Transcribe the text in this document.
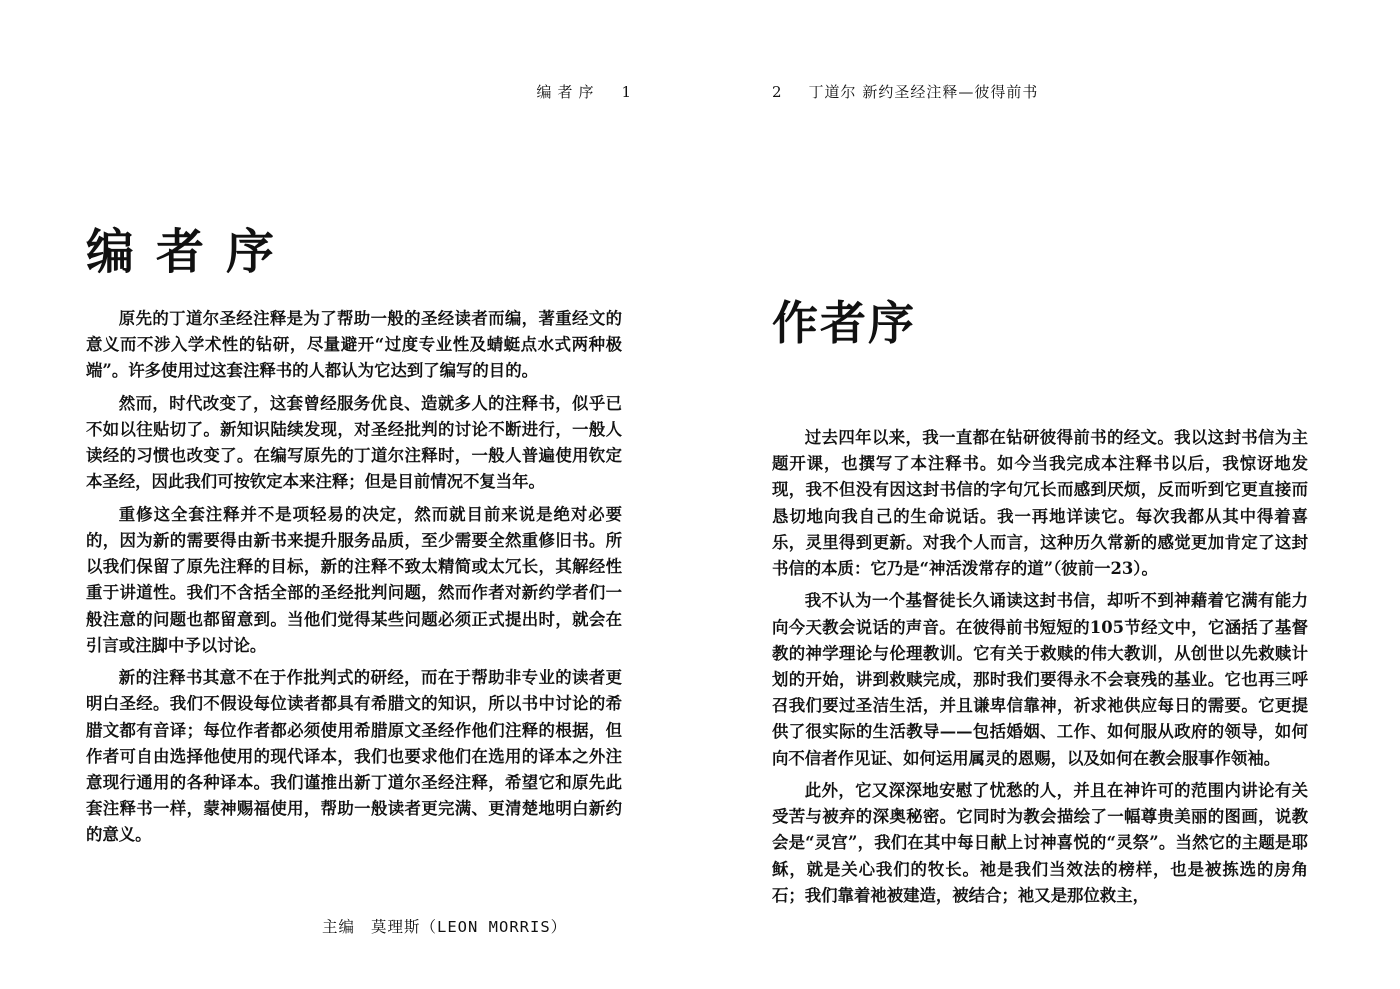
编者序 1
编者序

原先的丁道尔圣经注释是为了帮助一般的圣经读者而编，著重经文的意义而不涉入学术性的钻研，尽量避开“过度专业性及蜻蜓点水式两种极端”。许多使用过这套注释书的人都认为它达到了编写的目的。

然而，时代改变了，这套曾经服务优良、造就多人的注释书，似乎已不如以往贴切了。新知识陆续发现，对圣经批判的讨论不断进行，一般人读经的习惯也改变了。在编写原先的丁道尔注释时，一般人普遍使用钦定本圣经，因此我们可按钦定本来注释；但是目前情况不复当年。

重修这全套注释并不是项轻易的决定，然而就目前来说是绝对必要的，因为新的需要得由新书来提升服务品质，至少需要全然重修旧书。所以我们保留了原先注释的目标，新的注释不致太精简或太冗长，其解经性重于讲道性。我们不含括全部的圣经批判问题，然而作者对新约学者们一般注意的问题也都留意到。当他们觉得某些问题必须正式提出时，就会在引言或注脚中予以讨论。

新的注释书其意不在于作批判式的研经，而在于帮助非专业的读者更明白圣经。我们不假设每位读者都具有希腊文的知识，所以书中讨论的希腊文都有音译；每位作者都必须使用希腊原文圣经作他们注释的根据，但作者可自由选择他使用的现代译本，我们也要求他们在选用的译本之外注意现行通用的各种译本。我们谨推出新丁道尔圣经注释，希望它和原先此套注释书一样，蒙神赐福使用，帮助一般读者更完满、更清楚地明白新约的意义。

主编 莫理斯（LEON MORRIS）
2 丁道尔 新约圣经注释—彼得前书
作者序

过去四年以来，我一直都在钻研彼得前书的经文。我以这封书信为主题开课，也撰写了本注释书。如今当我完成本注释书以后，我惊讶地发现，我不但没有因这封书信的字句冗长而感到厌烦，反而听到它更直接而恳切地向我自己的生命说话。我一再地详读它。每次我都从其中得着喜乐，灵里得到更新。对我个人而言，这种历久常新的感觉更加肯定了这封书信的本质：它乃是“神活泼常存的道”（彼前一23）。

我不认为一个基督徒长久诵读这封书信，却听不到神藉着它满有能力向今天教会说话的声音。在彼得前书短短的105节经文中，它涵括了基督教的神学理论与伦理教训。它有关于救赎的伟大教训，从创世以先救赎计划的开始，讲到救赎完成，那时我们要得永不会衰残的基业。它也再三呼召我们要过圣洁生活，并且谦卑信靠神，祈求祂供应每日的需要。它更提供了很实际的生活教导——包括婚姻、工作、如何服从政府的领导，如何向不信者作见证、如何运用属灵的恩赐，以及如何在教会服事作领袖。

此外，它又深深地安慰了忧愁的人，并且在神许可的范围内讲论有关受苦与被弃的深奥秘密。它同时为教会描绘了一幅尊贵美丽的图画，说教会是“灵宫”，我们在其中每日献上讨神喜悦的“灵祭”。当然它的主题是耶稣，就是关心我们的牧长。祂是我们当效法的榜样，也是被拣选的房角石；我们靠着祂被建造，被结合；祂又是那位救主，
